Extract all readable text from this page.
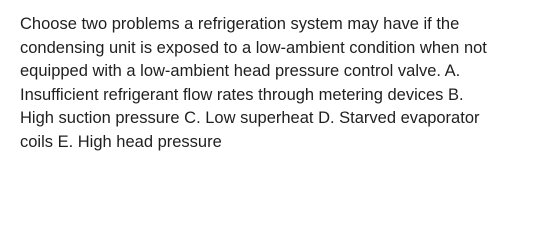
Choose two problems a refrigeration system may have if the
condensing unit is exposed to a low-ambient condition when not
equipped with a low-ambient head pressure control valve. A.
Insufficient refrigerant flow rates through metering devices B.
High suction pressure C. Low superheat D. Starved evaporator
coils E. High head pressure
